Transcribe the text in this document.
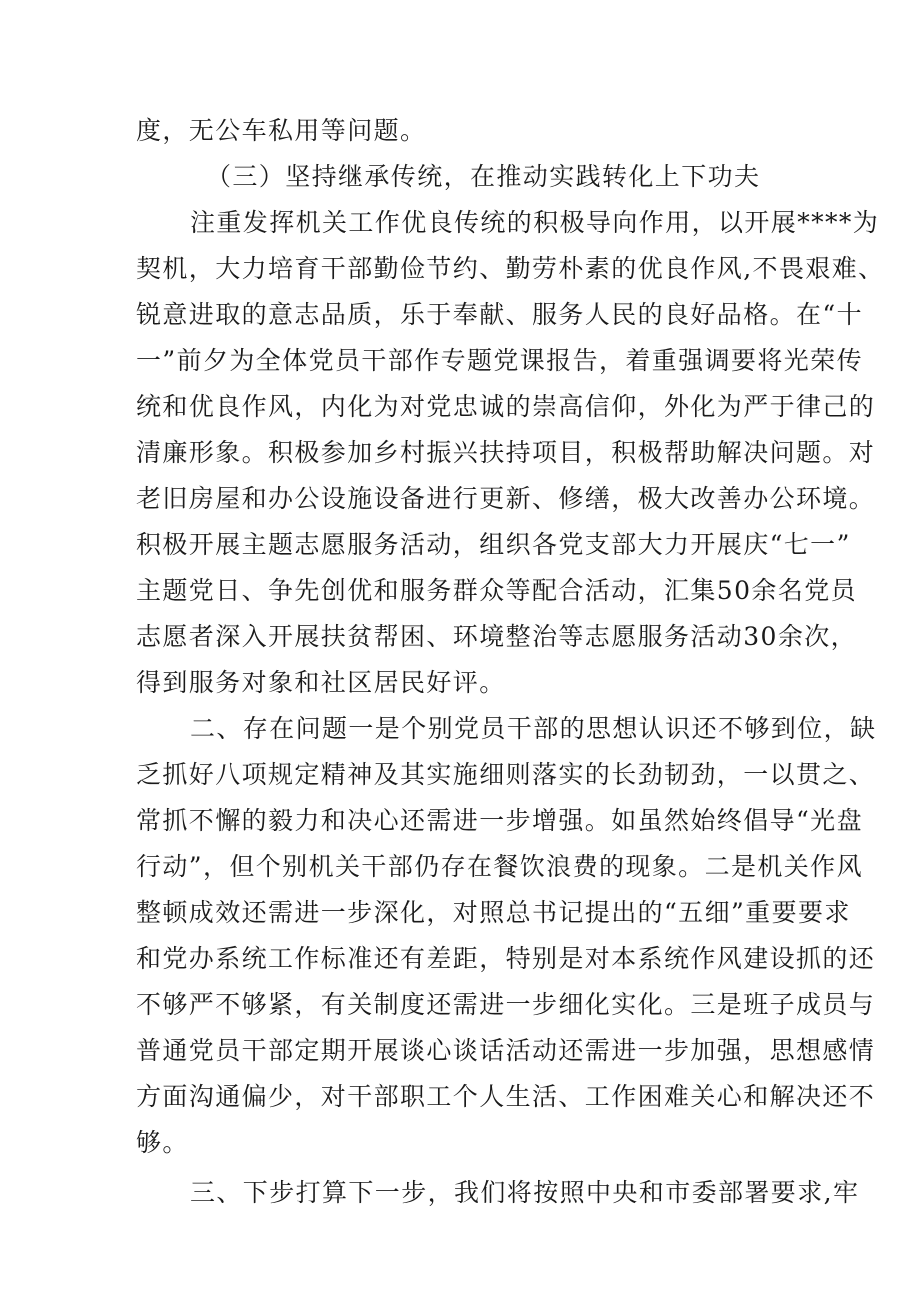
度，无公车私用等问题。
（三）坚持继承传统，在推动实践转化上下功夫
注重发挥机关工作优良传统的积极导向作用，以开展****为
契机，大力培育干部勤俭节约、勤劳朴素的优良作风,不畏艰难、
锐意进取的意志品质，乐于奉献、服务人民的良好品格。在“十
一”前夕为全体党员干部作专题党课报告，着重强调要将光荣传
统和优良作风，内化为对党忠诚的崇高信仰，外化为严于律己的
清廉形象。积极参加乡村振兴扶持项目，积极帮助解决问题。对
老旧房屋和办公设施设备进行更新、修缮，极大改善办公环境。
积极开展主题志愿服务活动，组织各党支部大力开展庆“七一”
主题党日、争先创优和服务群众等配合活动，汇集50余名党员
志愿者深入开展扶贫帮困、环境整治等志愿服务活动30余次，
得到服务对象和社区居民好评。
二、存在问题一是个别党员干部的思想认识还不够到位，缺
乏抓好八项规定精神及其实施细则落实的长劲韧劲，一以贯之、
常抓不懈的毅力和决心还需进一步增强。如虽然始终倡导“光盘
行动”，但个别机关干部仍存在餐饮浪费的现象。二是机关作风
整顿成效还需进一步深化，对照总书记提出的“五细”重要要求
和党办系统工作标准还有差距，特别是对本系统作风建设抓的还
不够严不够紧，有关制度还需进一步细化实化。三是班子成员与
普通党员干部定期开展谈心谈话活动还需进一步加强，思想感情
方面沟通偏少，对干部职工个人生活、工作困难关心和解决还不
够。
三、下步打算下一步，我们将按照中央和市委部署要求,牢
